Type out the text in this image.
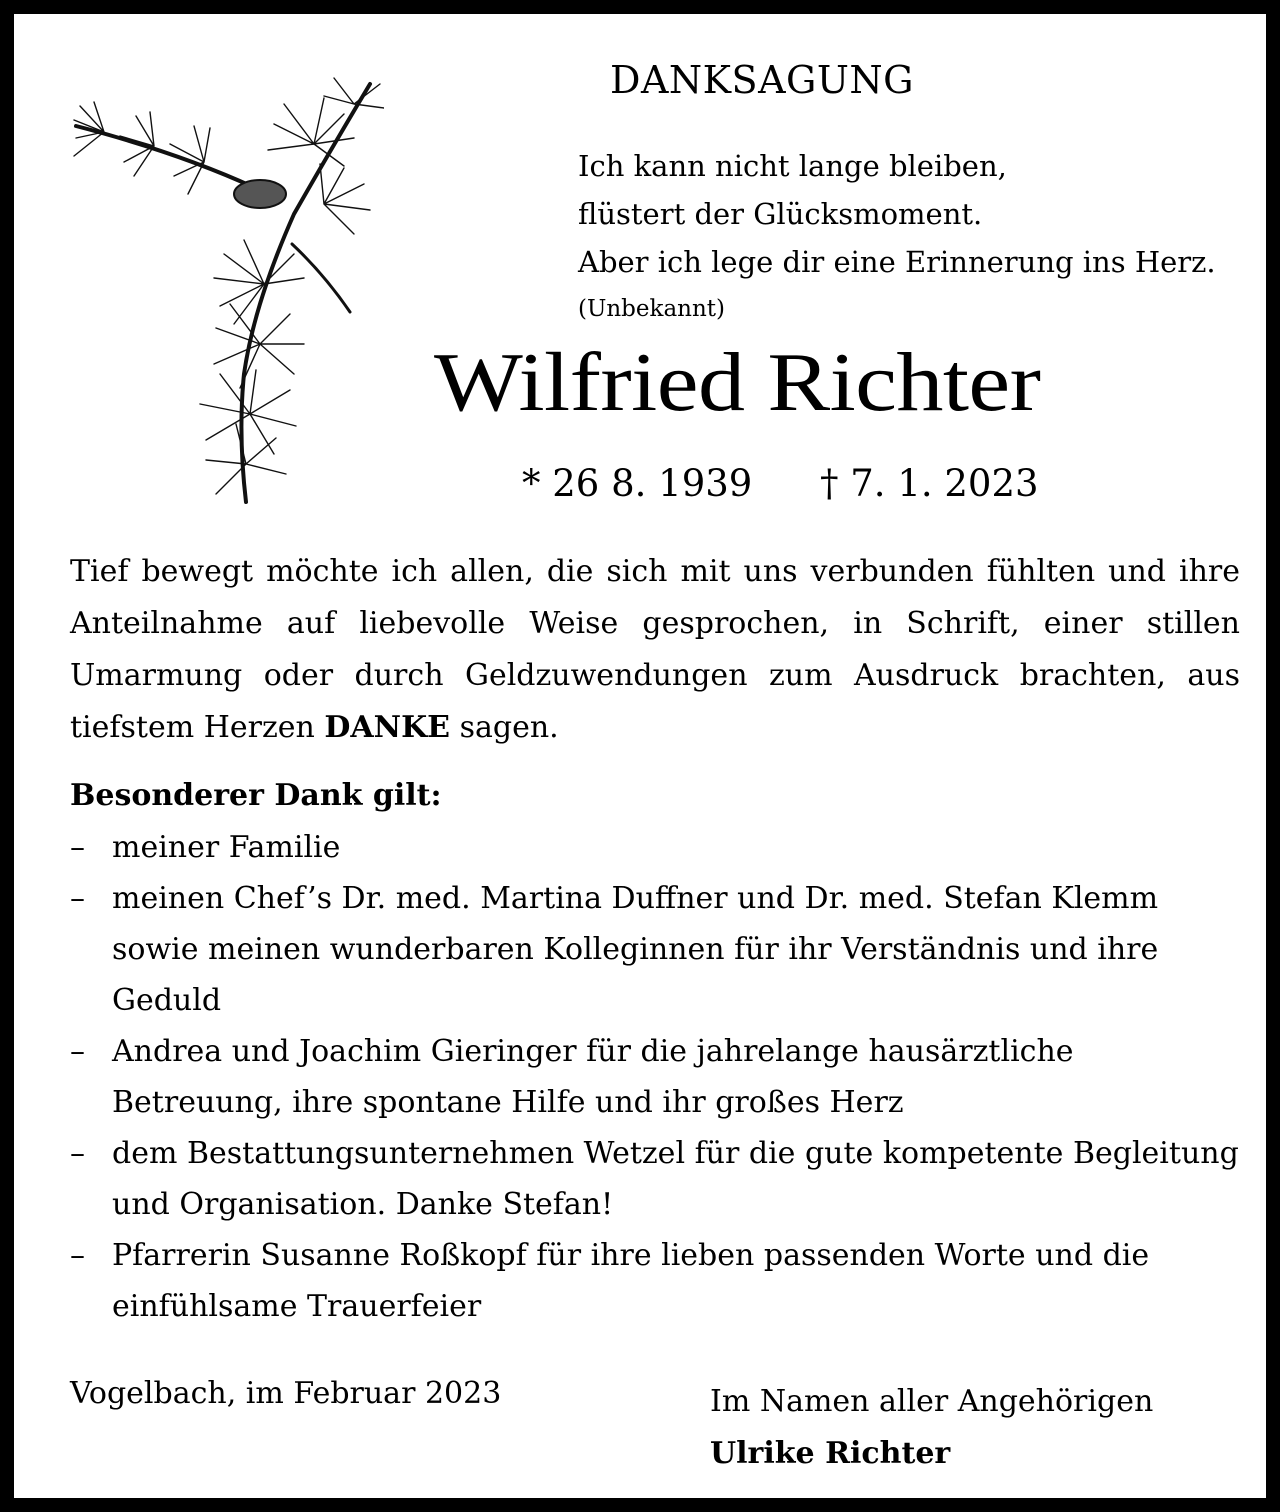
DANKSAGUNG
Ich kann nicht lange bleiben,
flüstert der Glücksmoment.
Aber ich lege dir eine Erinnerung ins Herz.
(Unbekannt)
Wilfried Richter
* 26 8. 1939 † 7. 1. 2023
Tief bewegt möchte ich allen, die sich mit uns verbunden fühlten und ihre Anteilnahme auf liebevolle Weise gesprochen, in Schrift, einer stillen Umarmung oder durch Geldzuwendungen zum Ausdruck brachten, aus tiefstem Herzen DANKE sagen.
Besonderer Dank gilt:
– meiner Familie
– meinen Chef’s Dr. med. Martina Duffner und Dr. med. Stefan Klemm sowie meinen wunderbaren Kolleginnen für ihr Verständnis und ihre Geduld
– Andrea und Joachim Gieringer für die jahrelange hausärztliche Betreuung, ihre spontane Hilfe und ihr großes Herz
– dem Bestattungsunternehmen Wetzel für die gute kompetente Begleitung und Organisation. Danke Stefan!
– Pfarrerin Susanne Roßkopf für ihre lieben passenden Worte und die einfühlsame Trauerfeier
Vogelbach, im Februar 2023	Im Namen aller Angehörigen
Ulrike Richter
